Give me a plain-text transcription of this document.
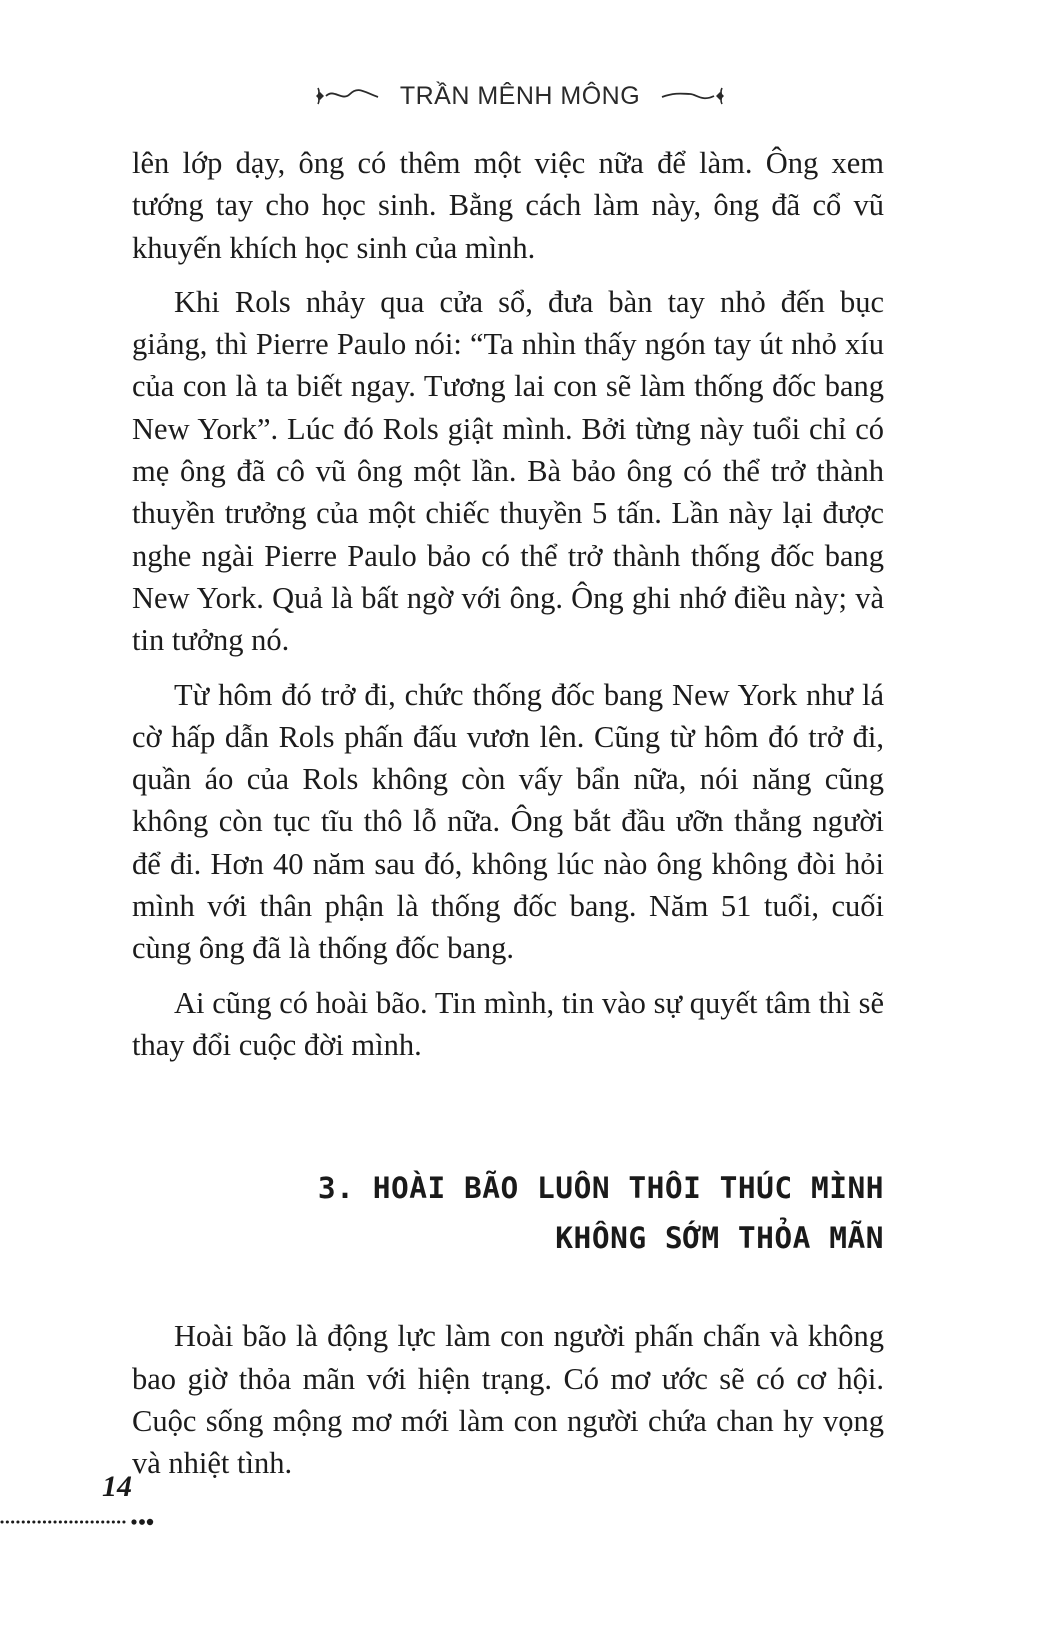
TRẦN MÊNH MÔNG

lên lớp dạy, ông có thêm một việc nữa để làm. Ông xem tướng tay cho học sinh. Bằng cách làm này, ông đã cổ vũ khuyến khích học sinh của mình.

Khi Rols nhảy qua cửa sổ, đưa bàn tay nhỏ đến bục giảng, thì Pierre Paulo nói: “Ta nhìn thấy ngón tay út nhỏ xíu của con là ta biết ngay. Tương lai con sẽ làm thống đốc bang New York”. Lúc đó Rols giật mình. Bởi từng này tuổi chỉ có mẹ ông đã cô vũ ông một lần. Bà bảo ông có thể trở thành thuyền trưởng của một chiếc thuyền 5 tấn. Lần này lại được nghe ngài Pierre Paulo bảo có thể trở thành thống đốc bang New York. Quả là bất ngờ với ông. Ông ghi nhớ điều này; và tin tưởng nó.

Từ hôm đó trở đi, chức thống đốc bang New York như lá cờ hấp dẫn Rols phấn đấu vươn lên. Cũng từ hôm đó trở đi, quần áo của Rols không còn vấy bẩn nữa, nói năng cũng không còn tục tĩu thô lỗ nữa. Ông bắt đầu ưỡn thẳng người để đi. Hơn 40 năm sau đó, không lúc nào ông không đòi hỏi mình với thân phận là thống đốc bang. Năm 51 tuổi, cuối cùng ông đã là thống đốc bang.

Ai cũng có hoài bão. Tin mình, tin vào sự quyết tâm thì sẽ thay đổi cuộc đời mình.

3. HOÀI BÃO LUÔN THÔI THÚC MÌNH
KHÔNG SỚM THỎA MÃN

Hoài bão là động lực làm con người phấn chấn và không bao giờ thỏa mãn với hiện trạng. Có mơ ước sẽ có cơ hội. Cuộc sống mộng mơ mới làm con người chứa chan hy vọng và nhiệt tình.

14
